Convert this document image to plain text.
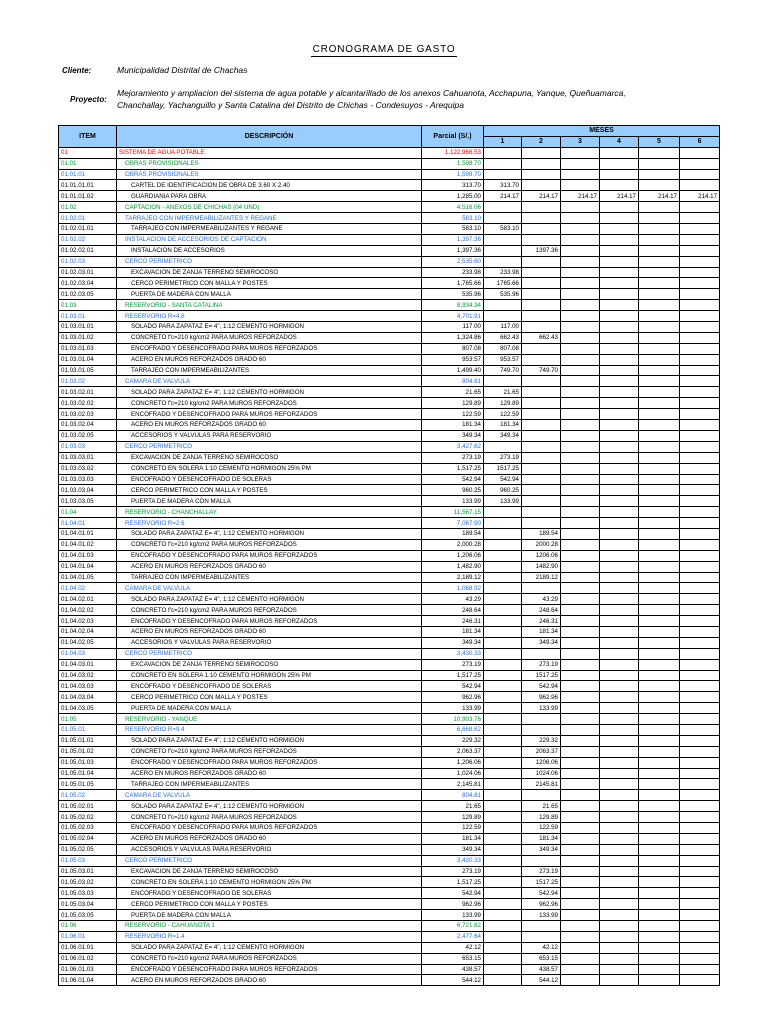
CRONOGRAMA DE GASTO
Cliente:	Municipalidad Distrital de Chachas
Proyecto:
Mejoramiento y ampliacion del sistema de agua potable y alcantarillado de los anexos Cahuanota, Acchapuna, Yanque, Queñuamarca,
Chanchallay, Yachanguillo y Santa Catalina del Distrito de Chichas - Condesuyos - Arequipa
ITEM	DESCRIPCIÓN	Parcial (S/.)	MESES					
			1	2	3	4	5	6
01	SISTEMA DE AGUA POTABLE	1,122,966.53						
01.01	OBRAS PROVISIONALES	1,598.70						
01.01.01	OBRAS PROVISIONALES	1,598.70						
01.01.01.01	CARTEL DE IDENTIFICACION DE OBRA DE 3.60 X 2.40	313.70	313.70					
01.01.01.02	GUARDIANIA PARA OBRA	1,285.00	214.17	214.17	214.17	214.17	214.17	214.17
01.02	CAPTACION - ANEXOS DE CHICHAS (04 UND)	4,516.06						
01.02.01	TARRAJEO CON IMPERMEABILIZANTES Y REGANE	583.10						
01.02.01.01	TARRAJEO CON IMPERMEABILIZANTES Y REGANE	583.10	583.10					
01.02.02	INSTALACION DE ACCESORIOS DE CAPTACION	1,397.36						
01.02.02.01	INSTALACION DE ACCESORIOS	1,397.36		1397.36				
01.02.03	CERCO PERIMETRICO	2,535.60						
01.02.03.01	EXCAVACION DE ZANJA TERRENO SEMIROCOSO	233.98	233.98					
01.02.03.04	CERCO PERIMETRICO CON MALLA Y POSTES	1,765.66	1765.66					
01.02.03.05	PUERTA DE MADERA CON MALLA	535.96	535.96					
01.03	RESERVORIO - SANTA CATALINA	8,934.34						
01.03.01	RESERVORIO R=4.8	4,701.91						
01.03.01.01	SOLADO PARA ZAPATAZ E= 4", 1:12 CEMENTO HORMIGON	117.00	117.00					
01.03.01.02	CONCRETO f'c=210 kg/cm2 PARA MUROS REFORZADOS	1,324.86	662.43	662.43				
01.03.01.03	ENCOFRADO Y DESENCOFRADO PARA MUROS REFORZADOS	807.08	807.08					
01.03.01.04	ACERO EN MUROS REFORZADOS GRADO 60	953.57	953.57					
01.03.01.05	TARRAJEO CON IMPERMEABILIZANTES	1,499.40	749.70	749.70				
01.03.02	CAMARA DE VALVULA	804.81						
01.03.02.01	SOLADO PARA ZAPATAZ E= 4", 1:12 CEMENTO HORMIGON	21.65	21.65					
01.03.02.02	CONCRETO f'c=210 kg/cm2 PARA MUROS REFORZADOS	129.89	129.89					
01.03.02.03	ENCOFRADO Y DESENCOFRADO PARA MUROS REFORZADOS	122.59	122.59					
01.03.02.04	ACERO EN MUROS REFORZADOS GRADO 60	181.34	181.34					
01.03.02.05	ACCESORIOS Y VALVULAS PARA RESERVORIO	349.34	349.34					
01.03.03	CERCO PERIMETRICO	3,427.62						
01.03.03.01	EXCAVACION DE ZANJA TERRENO SEMIROCOSO	273.19	273.19					
01.03.03.02	CONCRETO EN SOLERA 1:10 CEMENTO HORMIGON 25% PM	1,517.25	1517.25					
01.03.03.03	ENCOFRADO Y DESENCOFRADO DE SOLERAS	542.94	542.94					
01.03.03.04	CERCO PERIMETRICO CON MALLA Y POSTES	960.25	960.25					
01.03.03.05	PUERTA DE MADERA CON MALLA	133.99	133.99					
01.04	RESERVORIO - CHANCHALLAY	11,567.15						
01.04.01	RESERVORIO R=2.6	7,067.90						
01.04.01.01	SOLADO PARA ZAPATAZ E= 4", 1:12 CEMENTO HORMIGON	189.54		189.54				
01.04.01.02	CONCRETO f'c=210 kg/cm2 PARA MUROS REFORZADOS	2,000.28		2000.28				
01.04.01.03	ENCOFRADO Y DESENCOFRADO PARA MUROS REFORZADOS	1,206.06		1206.06				
01.04.01.04	ACERO EN MUROS REFORZADOS GRADO 60	1,482.90		1482.90				
01.04.01.05	TARRAJEO CON IMPERMEABILIZANTES	2,189.12		2189.12				
01.04.02	CAMARA DE VALVULA	1,068.92						
01.04.02.01	SOLADO PARA ZAPATAZ E= 4", 1:12 CEMENTO HORMIGON	43.29		43.29				
01.04.02.02	CONCRETO f'c=210 kg/cm2 PARA MUROS REFORZADOS	248.64		248.64				
01.04.02.03	ENCOFRADO Y DESENCOFRADO PARA MUROS REFORZADOS	246.31		246.31				
01.04.02.04	ACERO EN MUROS REFORZADOS GRADO 60	181.34		181.34				
01.04.02.05	ACCESORIOS Y VALVULAS PARA RESERVORIO	349.34		349.34				
01.04.03	CERCO PERIMETRICO	3,430.33						
01.04.03.01	EXCAVACION DE ZANJA TERRENO SEMIROCOSO	273.19		273.19				
01.04.03.02	CONCRETO EN SOLERA 1:10 CEMENTO HORMIGON 25% PM	1,517.25		1517.25				
01.04.03.03	ENCOFRADO Y DESENCOFRADO DE SOLERAS	542.94		542.94				
01.04.03.04	CERCO PERIMETRICO CON MALLA Y POSTES	962.96		962.96				
01.04.03.05	PUERTA DE MADERA CON MALLA	133.99		133.99				
01.05	RESERVORIO - YANQUE	10,903.76						
01.05.01	RESERVORIO R=9.4	6,668.62						
01.05.01.01	SOLADO PARA ZAPATAZ E= 4", 1:12 CEMENTO HORMIGON	229.32		229.32				
01.05.01.02	CONCRETO f'c=210 kg/cm2 PARA MUROS REFORZADOS	2,063.37		2063.37				
01.05.01.03	ENCOFRADO Y DESENCOFRADO PARA MUROS REFORZADOS	1,206.06		1206.06				
01.05.01.04	ACERO EN MUROS REFORZADOS GRADO 60	1,024.06		1024.06				
01.05.01.05	TARRAJEO CON IMPERMEABILIZANTES	2,145.81		2145.81				
01.05.02	CAMARA DE VALVULA	804.81						
01.05.02.01	SOLADO PARA ZAPATAZ E= 4", 1:12 CEMENTO HORMIGON	21.65		21.65				
01.05.02.02	CONCRETO f'c=210 kg/cm2 PARA MUROS REFORZADOS	129.89		129.89				
01.05.02.03	ENCOFRADO Y DESENCOFRADO PARA MUROS REFORZADOS	122.59		122.59				
01.05.02.04	ACERO EN MUROS REFORZADOS GRADO 60	181.34		181.34				
01.05.02.05	ACCESORIOS Y VALVULAS PARA RESERVORIO	349.34		349.34				
01.05.03	CERCO PERIMETRICO	3,430.33						
01.05.03.01	EXCAVACION DE ZANJA TERRENO SEMIROCOSO	273.19		273.19				
01.05.03.02	CONCRETO EN SOLERA 1:10 CEMENTO HORMIGON 25% PM	1,517.25		1517.25				
01.05.03.03	ENCOFRADO Y DESENCOFRADO DE SOLERAS	542.94		542.94				
01.05.03.04	CERCO PERIMETRICO CON MALLA Y POSTES	962.96		962.96				
01.05.03.05	PUERTA DE MADERA CON MALLA	133.99		133.99				
01.06	RESERVORIO - CAHUANOTA 1	6,721.82						
01.06.01	RESERVORIO R=1.4	2,477.64						
01.06.01.01	SOLADO PARA ZAPATAZ E= 4", 1:12 CEMENTO HORMIGON	42.12		42.12				
01.06.01.02	CONCRETO f'c=210 kg/cm2 PARA MUROS REFORZADOS	653.15		653.15				
01.06.01.03	ENCOFRADO Y DESENCOFRADO PARA MUROS REFORZADOS	438.57		438.57				
01.06.01.04	ACERO EN MUROS REFORZADOS GRADO 60	544.12		544.12				
